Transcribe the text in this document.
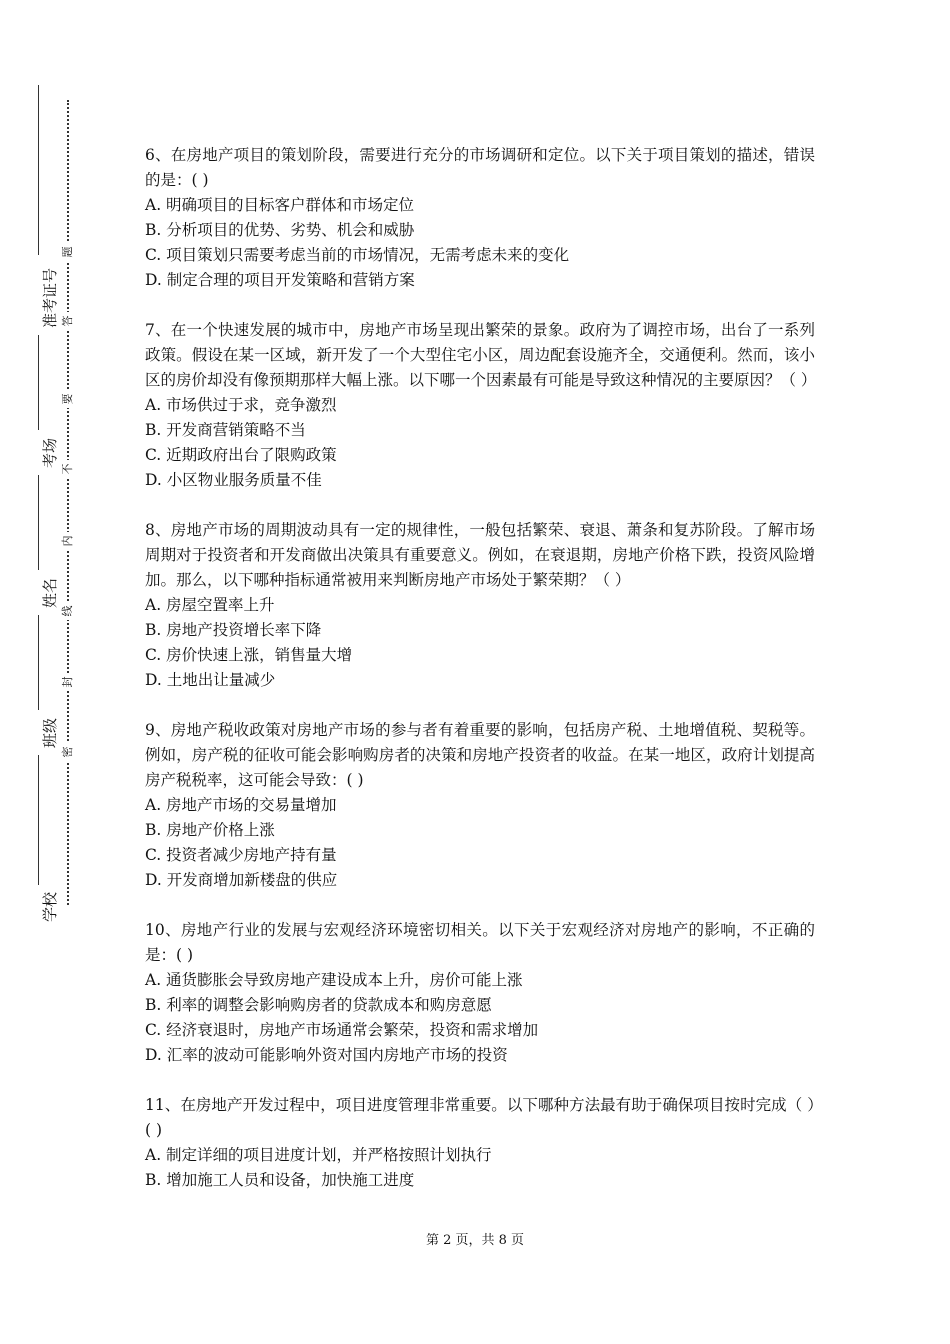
准考证号
考场
姓名
班级
学校
题
答
要
不
内
线
封
密

6、在房地产项目的策划阶段，需要进行充分的市场调研和定位。以下关于项目策划的描述，错误的是：( )

A. 明确项目的目标客户群体和市场定位

B. 分析项目的优势、劣势、机会和威胁

C. 项目策划只需要考虑当前的市场情况，无需考虑未来的变化

D. 制定合理的项目开发策略和营销方案

7、在一个快速发展的城市中，房地产市场呈现出繁荣的景象。政府为了调控市场，出台了一系列政策。假设在某一区域，新开发了一个大型住宅小区，周边配套设施齐全，交通便利。然而，该小区的房价却没有像预期那样大幅上涨。以下哪一个因素最有可能是导致这种情况的主要原因？（ ）

A. 市场供过于求，竞争激烈

B. 开发商营销策略不当

C. 近期政府出台了限购政策

D. 小区物业服务质量不佳

8、房地产市场的周期波动具有一定的规律性，一般包括繁荣、衰退、萧条和复苏阶段。了解市场周期对于投资者和开发商做出决策具有重要意义。例如，在衰退期，房地产价格下跌，投资风险增加。那么，以下哪种指标通常被用来判断房地产市场处于繁荣期？（ ）

A. 房屋空置率上升

B. 房地产投资增长率下降

C. 房价快速上涨，销售量大增

D. 土地出让量减少

9、房地产税收政策对房地产市场的参与者有着重要的影响，包括房产税、土地增值税、契税等。例如，房产税的征收可能会影响购房者的决策和房地产投资者的收益。在某一地区，政府计划提高房产税税率，这可能会导致：( )

A. 房地产市场的交易量增加

B. 房地产价格上涨

C. 投资者减少房地产持有量

D. 开发商增加新楼盘的供应

10、房地产行业的发展与宏观经济环境密切相关。以下关于宏观经济对房地产的影响，不正确的是：( )

A. 通货膨胀会导致房地产建设成本上升，房价可能上涨

B. 利率的调整会影响购房者的贷款成本和购房意愿

C. 经济衰退时，房地产市场通常会繁荣，投资和需求增加

D. 汇率的波动可能影响外资对国内房地产市场的投资

11、在房地产开发过程中，项目进度管理非常重要。以下哪种方法最有助于确保项目按时完成（ ）( )

A. 制定详细的项目进度计划，并严格按照计划执行

B. 增加施工人员和设备，加快施工进度

第 2 页，共 8 页
